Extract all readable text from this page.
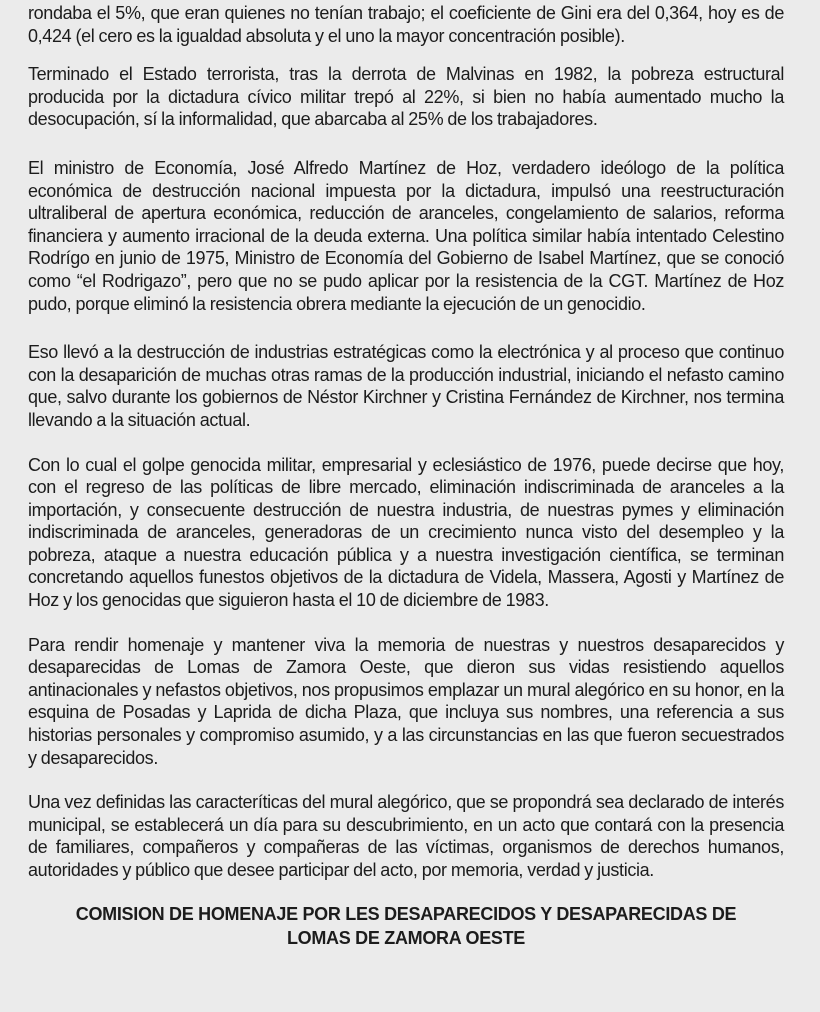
rondaba el 5%, que eran quienes no tenían trabajo; el coeficiente de Gini era del 0,364, hoy es de 0,424 (el cero es la igualdad absoluta y el uno la mayor concentración posible).

Terminado el Estado terrorista, tras la derrota de Malvinas en 1982, la pobreza estructural producida por la dictadura cívico militar trepó al 22%, si bien no había aumentado mucho la desocupación, sí la informalidad, que abarcaba al 25% de los trabajadores.

El ministro de Economía, José Alfredo Martínez de Hoz, verdadero ideólogo de la política económica de destrucción nacional impuesta por la dictadura, impulsó una reestructuración ultraliberal de apertura económica, reducción de aranceles, congelamiento de salarios, reforma financiera y aumento irracional de la deuda externa. Una política similar había intentado Celestino Rodrígo en junio de 1975, Ministro de Economía del Gobierno de Isabel Martínez, que se conoció como “el Rodrigazo”, pero que no se pudo aplicar por la resistencia de la CGT. Martínez de Hoz pudo, porque eliminó la resistencia obrera mediante la ejecución de un genocidio.

Eso llevó a la destrucción de industrias estratégicas como la electrónica y al proceso que continuo con la desaparición de muchas otras ramas de la producción industrial, iniciando el nefasto camino que, salvo durante los gobiernos de Néstor Kirchner y Cristina Fernández de Kirchner, nos termina llevando a la situación actual.

Con lo cual el golpe genocida militar, empresarial y eclesiástico de 1976, puede decirse que hoy, con el regreso de las políticas de libre mercado, eliminación indiscriminada de aranceles a la importación, y consecuente destrucción de nuestra industria, de nuestras pymes y eliminación indiscriminada de aranceles, generadoras de un crecimiento nunca visto del desempleo y la pobreza, ataque a nuestra educación pública y a nuestra investigación científica, se terminan concretando aquellos funestos objetivos de la dictadura de Videla, Massera, Agosti y Martínez de Hoz y los genocidas que siguieron hasta el 10 de diciembre de 1983.

Para rendir homenaje y mantener viva la memoria de nuestras y nuestros desaparecidos y desaparecidas de Lomas de Zamora Oeste, que dieron sus vidas resistiendo aquellos antinacionales y nefastos objetivos, nos propusimos emplazar un mural alegórico en su honor, en la esquina de Posadas y Laprida de dicha Plaza, que incluya sus nombres, una referencia a sus historias personales y compromiso asumido, y a las circunstancias en las que fueron secuestrados y desaparecidos.

Una vez definidas las caracteríticas del mural alegórico, que se propondrá sea declarado de interés municipal, se establecerá un día para su descubrimiento, en un acto que contará con la presencia de familiares, compañeros y compañeras de las víctimas, organismos de derechos humanos, autoridades y público que desee participar del acto, por memoria, verdad y justicia.

COMISION DE HOMENAJE POR LES DESAPARECIDOS Y DESAPARECIDAS DE
LOMAS DE ZAMORA OESTE
